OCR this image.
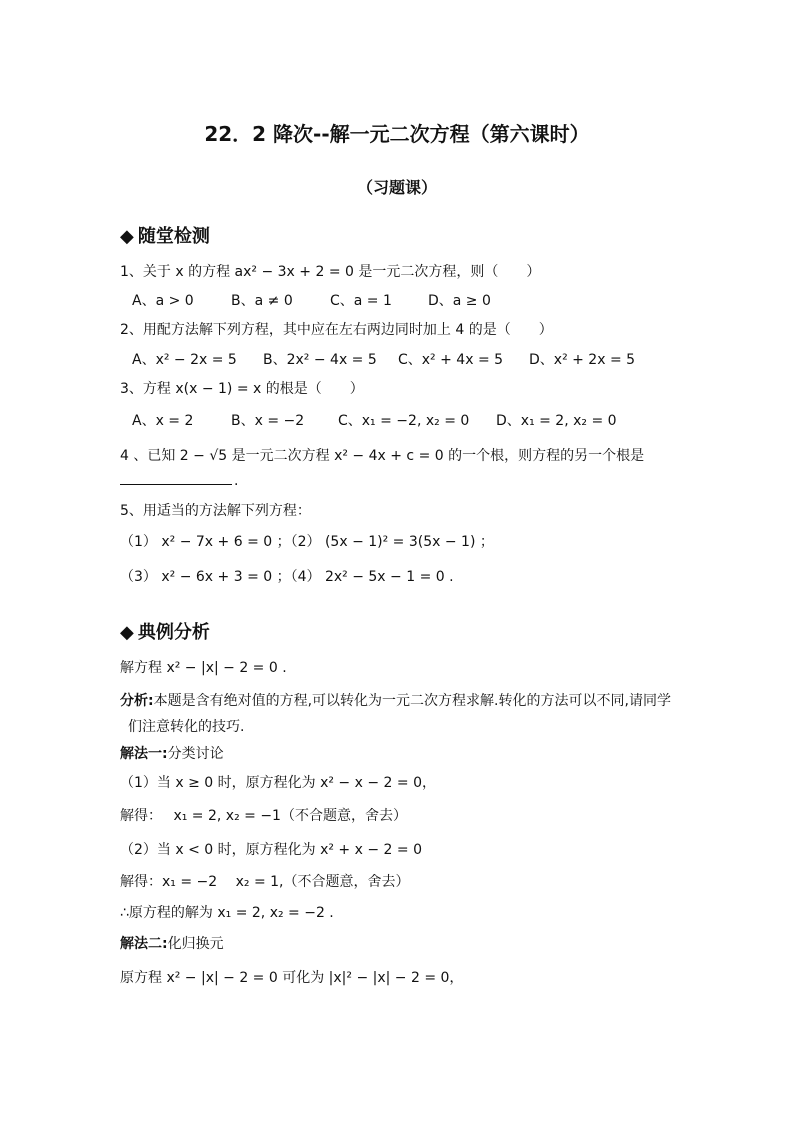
22．2 降次--解一元二次方程（第六课时）
（习题课）
◆ 随堂检测
1、关于 x 的方程 ax² − 3x + 2 = 0 是一元二次方程，则（　　）
A、a > 0	B、a ≠ 0	C、a = 1	D、a ≥ 0
2、用配方法解下列方程，其中应在左右两边同时加上 4 的是（　　）
A、x² − 2x = 5 B、2x² − 4x = 5 C、x² + 4x = 5 D、x² + 2x = 5
3、方程 x(x − 1) = x 的根是（　　）
A、x = 2	B、x = −2 C、x₁ = −2, x₂ = 0 D、x₁ = 2, x₂ = 0
4 、已知 2 − √5 是一元二次方程 x² − 4x + c = 0 的一个根，则方程的另一个根是
.
5、用适当的方法解下列方程：
（1） x² − 7x + 6 = 0 ；（2） (5x − 1)² = 3(5x − 1) ；
（3） x² − 6x + 3 = 0 ；（4） 2x² − 5x − 1 = 0 .
◆ 典例分析
解方程 x² − |x| − 2 = 0 .
分析:本题是含有绝对值的方程,可以转化为一元二次方程求解.转化的方法可以不同,请同学
们注意转化的技巧.
解法一:分类讨论
（1）当 x ≥ 0 时，原方程化为 x² − x − 2 = 0，
解得：　 x₁ = 2, x₂ = −1（不合题意，舍去）
（2）当 x < 0 时，原方程化为 x² + x − 2 = 0
解得：x₁ = −2　 x₂ = 1,（不合题意，舍去）
∴原方程的解为 x₁ = 2, x₂ = −2 .
解法二:化归换元
原方程 x² − |x| − 2 = 0 可化为 |x|² − |x| − 2 = 0，
